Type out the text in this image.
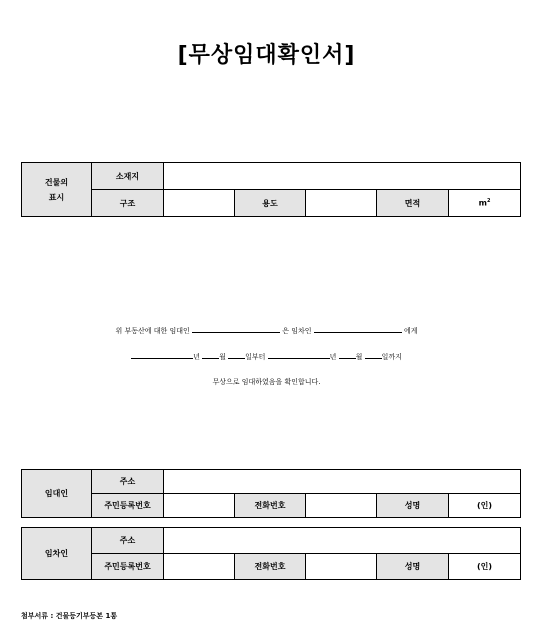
[무상임대확인서]
건물의
표시	소재지					
	구조		용도		면적	$m^2$
위 부동산에 대한 임대인	은 임차인	에게
년	월	일부터	년	월	일까지
무상으로 임대하였음을 확인합니다.
임대인	주소					
	주민등록번호		전화번호		성명	(인)
임차인	주소					
	주민등록번호		전화번호		성명	(인)
첨부서류 : 건물등기부등본 1통
